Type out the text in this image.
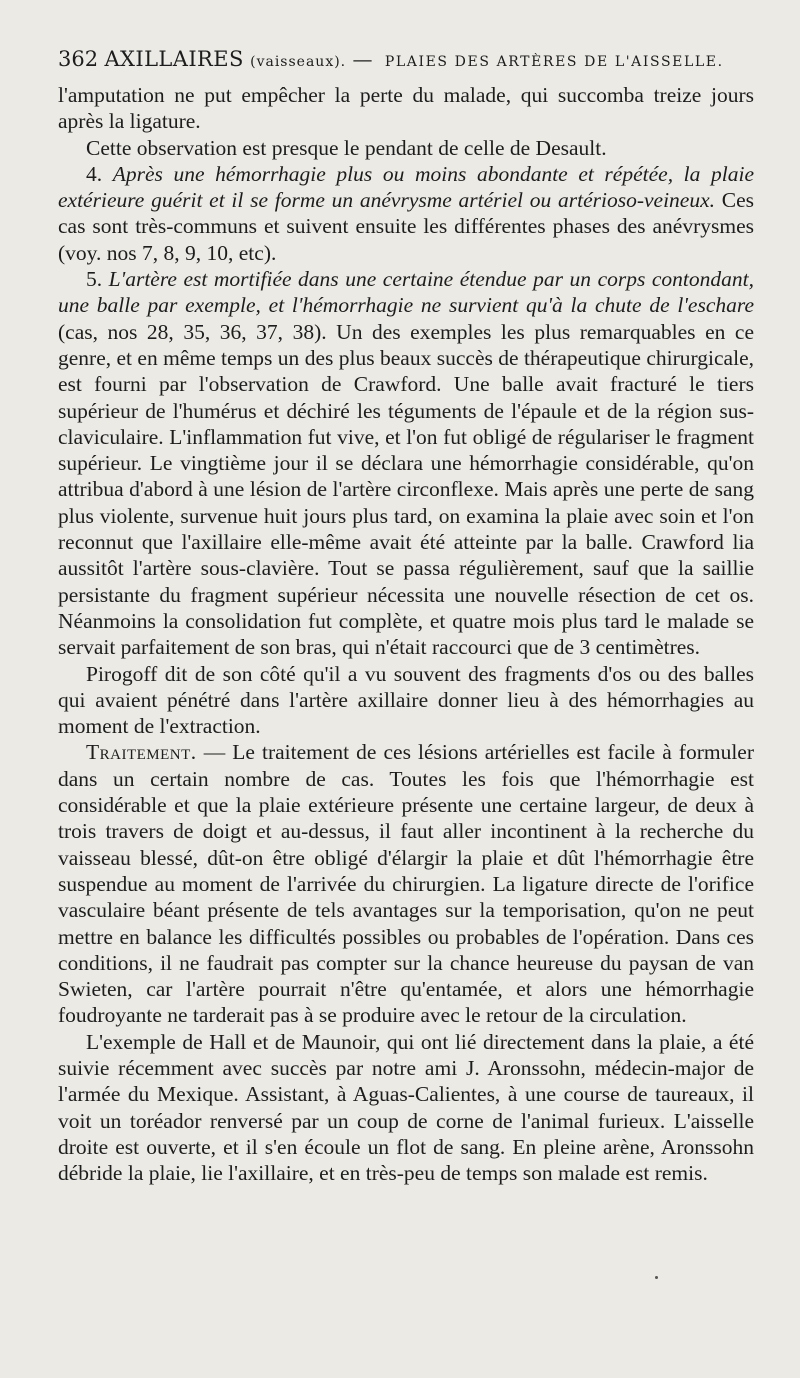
362 AXILLAIRES (vaisseaux). — PLAIES DES ARTÈRES DE L'AISSELLE.

l'amputation ne put empêcher la perte du malade, qui succomba treize jours après la ligature.

Cette observation est presque le pendant de celle de Desault.

4. Après une hémorrhagie plus ou moins abondante et répétée, la plaie extérieure guérit et il se forme un anévrysme artériel ou artérioso-veineux. Ces cas sont très-communs et suivent ensuite les différentes phases des anévrysmes (voy. nos 7, 8, 9, 10, etc).

5. L'artère est mortifiée dans une certaine étendue par un corps contondant, une balle par exemple, et l'hémorrhagie ne survient qu'à la chute de l'eschare (cas, nos 28, 35, 36, 37, 38). Un des exemples les plus remarquables en ce genre, et en même temps un des plus beaux succès de thérapeutique chirurgicale, est fourni par l'observation de Crawford. Une balle avait fracturé le tiers supérieur de l'humérus et déchiré les téguments de l'épaule et de la région sus-claviculaire. L'inflammation fut vive, et l'on fut obligé de régulariser le fragment supérieur. Le vingtième jour il se déclara une hémorrhagie considérable, qu'on attribua d'abord à une lésion de l'artère circonflexe. Mais après une perte de sang plus violente, survenue huit jours plus tard, on examina la plaie avec soin et l'on reconnut que l'axillaire elle-même avait été atteinte par la balle. Crawford lia aussitôt l'artère sous-clavière. Tout se passa régulièrement, sauf que la saillie persistante du fragment supérieur nécessita une nouvelle résection de cet os. Néanmoins la consolidation fut complète, et quatre mois plus tard le malade se servait parfaitement de son bras, qui n'était raccourci que de 3 centimètres.

Pirogoff dit de son côté qu'il a vu souvent des fragments d'os ou des balles qui avaient pénétré dans l'artère axillaire donner lieu à des hémorrhagies au moment de l'extraction.

Traitement. — Le traitement de ces lésions artérielles est facile à formuler dans un certain nombre de cas. Toutes les fois que l'hémorrhagie est considérable et que la plaie extérieure présente une certaine largeur, de deux à trois travers de doigt et au-dessus, il faut aller incontinent à la recherche du vaisseau blessé, dût-on être obligé d'élargir la plaie et dût l'hémorrhagie être suspendue au moment de l'arrivée du chirurgien. La ligature directe de l'orifice vasculaire béant présente de tels avantages sur la temporisation, qu'on ne peut mettre en balance les difficultés possibles ou probables de l'opération. Dans ces conditions, il ne faudrait pas compter sur la chance heureuse du paysan de van Swieten, car l'artère pourrait n'être qu'entamée, et alors une hémorrhagie foudroyante ne tarderait pas à se produire avec le retour de la circulation.

L'exemple de Hall et de Maunoir, qui ont lié directement dans la plaie, a été suivie récemment avec succès par notre ami J. Aronssohn, médecin-major de l'armée du Mexique. Assistant, à Aguas-Calientes, à une course de taureaux, il voit un toréador renversé par un coup de corne de l'animal furieux. L'aisselle droite est ouverte, et il s'en écoule un flot de sang. En pleine arène, Aronssohn débride la plaie, lie l'axillaire, et en très-peu de temps son malade est remis.
